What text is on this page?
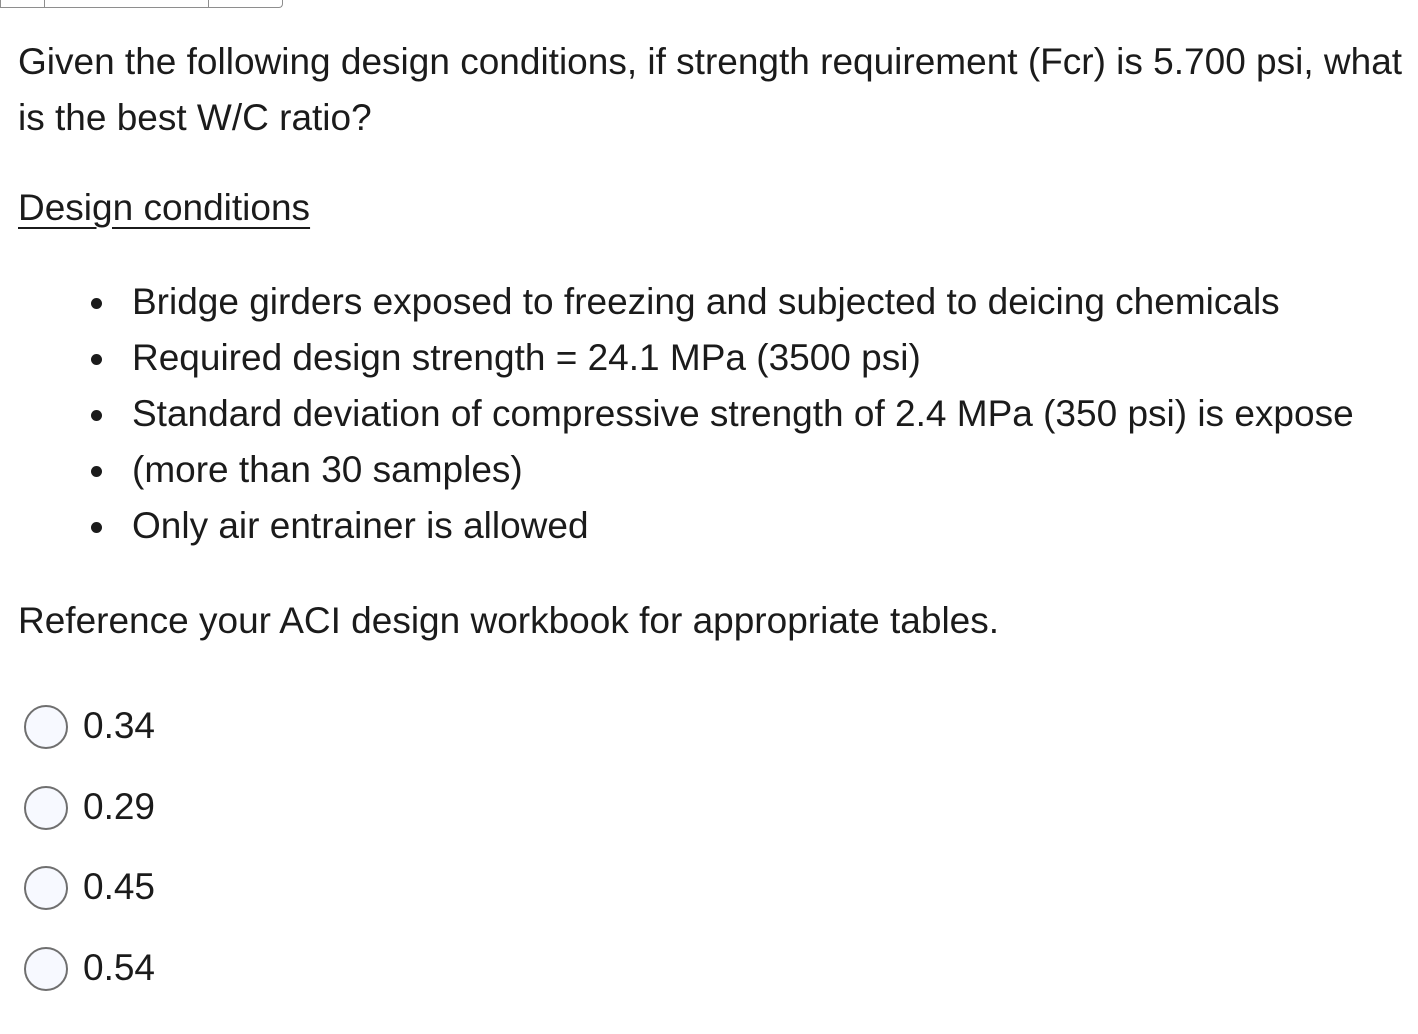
Given the following design conditions, if strength requirement (Fcr) is 5.700 psi, what is the best W/C ratio?

Design conditions

Bridge girders exposed to freezing and subjected to deicing chemicals
Required design strength = 24.1 MPa (3500 psi)
Standard deviation of compressive strength of 2.4 MPa (350 psi) is expose
(more than 30 samples)
Only air entrainer is allowed

Reference your ACI design workbook for appropriate tables.

0.34
0.29
0.45
0.54
